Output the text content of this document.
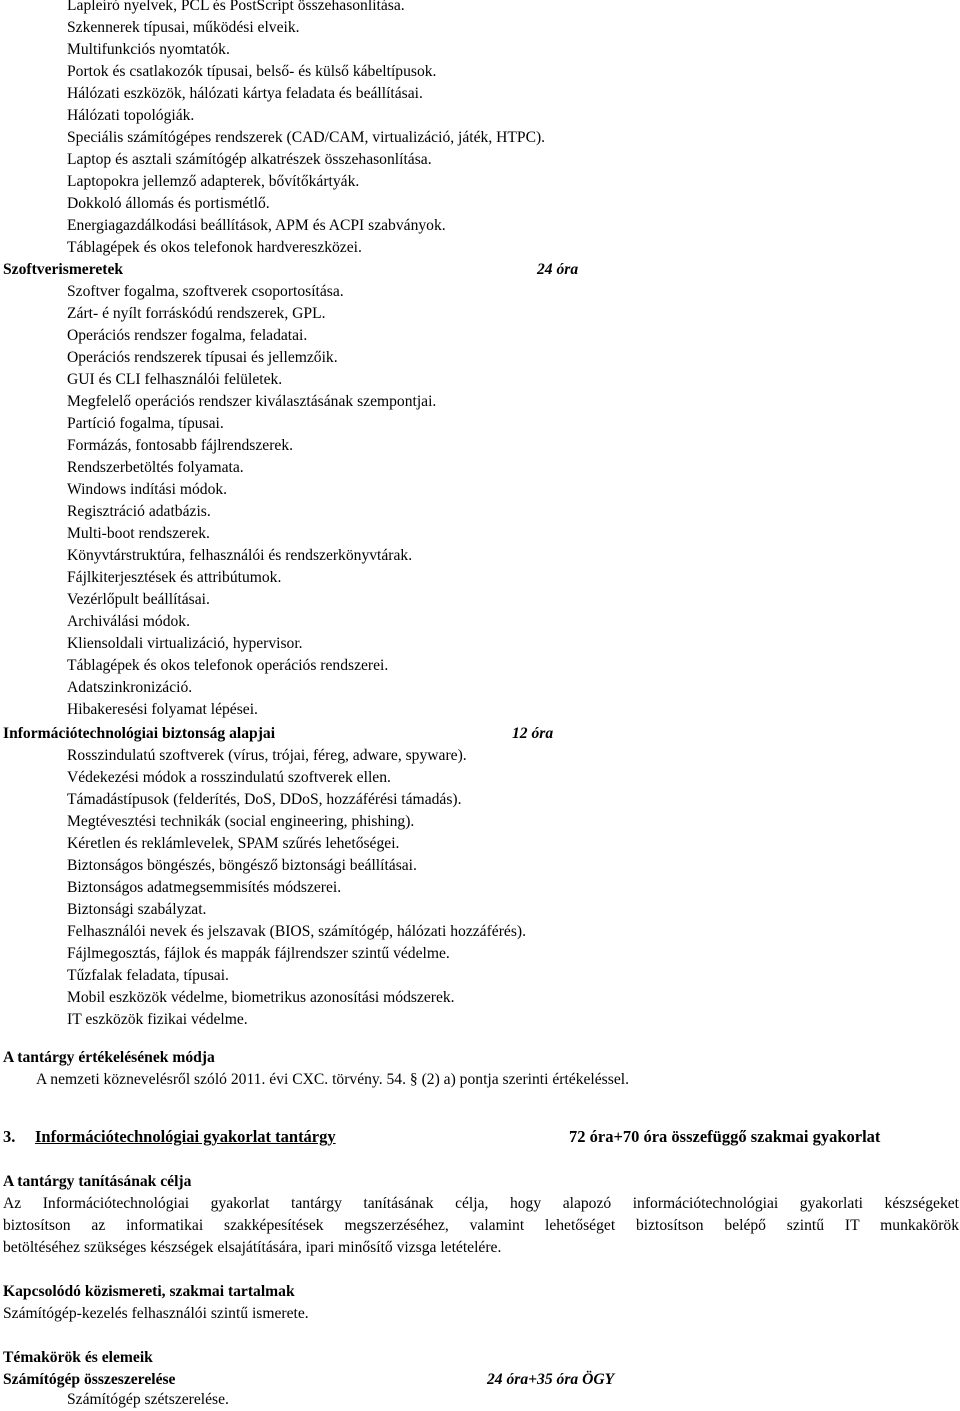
Lapleíró nyelvek, PCL és PostScript összehasonlítása.
Szkennerek típusai, működési elveik.
Multifunkciós nyomtatók.
Portok és csatlakozók típusai, belső- és külső kábeltípusok.
Hálózati eszközök, hálózati kártya feladata és beállításai.
Hálózati topológiák.
Speciális számítógépes rendszerek (CAD/CAM, virtualizáció, játék, HTPC).
Laptop és asztali számítógép alkatrészek összehasonlítása.
Laptopokra jellemző adapterek, bővítőkártyák.
Dokkoló állomás és portismétlő.
Energiagazdálkodási beállítások, APM és ACPI szabványok.
Táblagépek és okos telefonok hardvereszközei.
Szoftverismeretek	24 óra
Szoftver fogalma, szoftverek csoportosítása.
Zárt- é nyílt forráskódú rendszerek, GPL.
Operációs rendszer fogalma, feladatai.
Operációs rendszerek típusai és jellemzőik.
GUI és CLI felhasználói felületek.
Megfelelő operációs rendszer kiválasztásának szempontjai.
Partíció fogalma, típusai.
Formázás, fontosabb fájlrendszerek.
Rendszerbetöltés folyamata.
Windows indítási módok.
Regisztráció adatbázis.
Multi-boot rendszerek.
Könyvtárstruktúra, felhasználói és rendszerkönyvtárak.
Fájlkiterjesztések és attribútumok.
Vezérlőpult beállításai.
Archiválási módok.
Kliensoldali virtualizáció, hypervisor.
Táblagépek és okos telefonok operációs rendszerei.
Adatszinkronizáció.
Hibakeresési folyamat lépései.
Információtechnológiai biztonság alapjai	12 óra
Rosszindulatú szoftverek (vírus, trójai, féreg, adware, spyware).
Védekezési módok a rosszindulatú szoftverek ellen.
Támadástípusok (felderítés, DoS, DDoS, hozzáférési támadás).
Megtévesztési technikák (social engineering, phishing).
Kéretlen és reklámlevelek, SPAM szűrés lehetőségei.
Biztonságos böngészés, böngésző biztonsági beállításai.
Biztonságos adatmegsemmisítés módszerei.
Biztonsági szabályzat.
Felhasználói nevek és jelszavak (BIOS, számítógép, hálózati hozzáférés).
Fájlmegosztás, fájlok és mappák fájlrendszer szintű védelme.
Tűzfalak feladata, típusai.
Mobil eszközök védelme, biometrikus azonosítási módszerek.
IT eszközök fizikai védelme.
A tantárgy értékelésének módja
A nemzeti köznevelésről szóló 2011. évi CXC. törvény. 54. § (2) a) pontja szerinti értékeléssel.
3. Információtechnológiai gyakorlat tantárgy	72 óra+70 óra összefüggő szakmai gyakorlat
A tantárgy tanításának célja
Az Információtechnológiai gyakorlat tantárgy tanításának célja, hogy alapozó információtechnológiai gyakorlati készségeket
biztosítson az informatikai szakképesítések megszerzéséhez, valamint lehetőséget biztosítson belépő szintű IT munkakörök
betöltéséhez szükséges készségek elsajátítására, ipari minősítő vizsga letételére.
Kapcsolódó közismereti, szakmai tartalmak
Számítógép-kezelés felhasználói szintű ismerete.
Témakörök és elemeik
Számítógép összeszerelése	24 óra+35 óra ÖGY
Számítógép szétszerelése.
